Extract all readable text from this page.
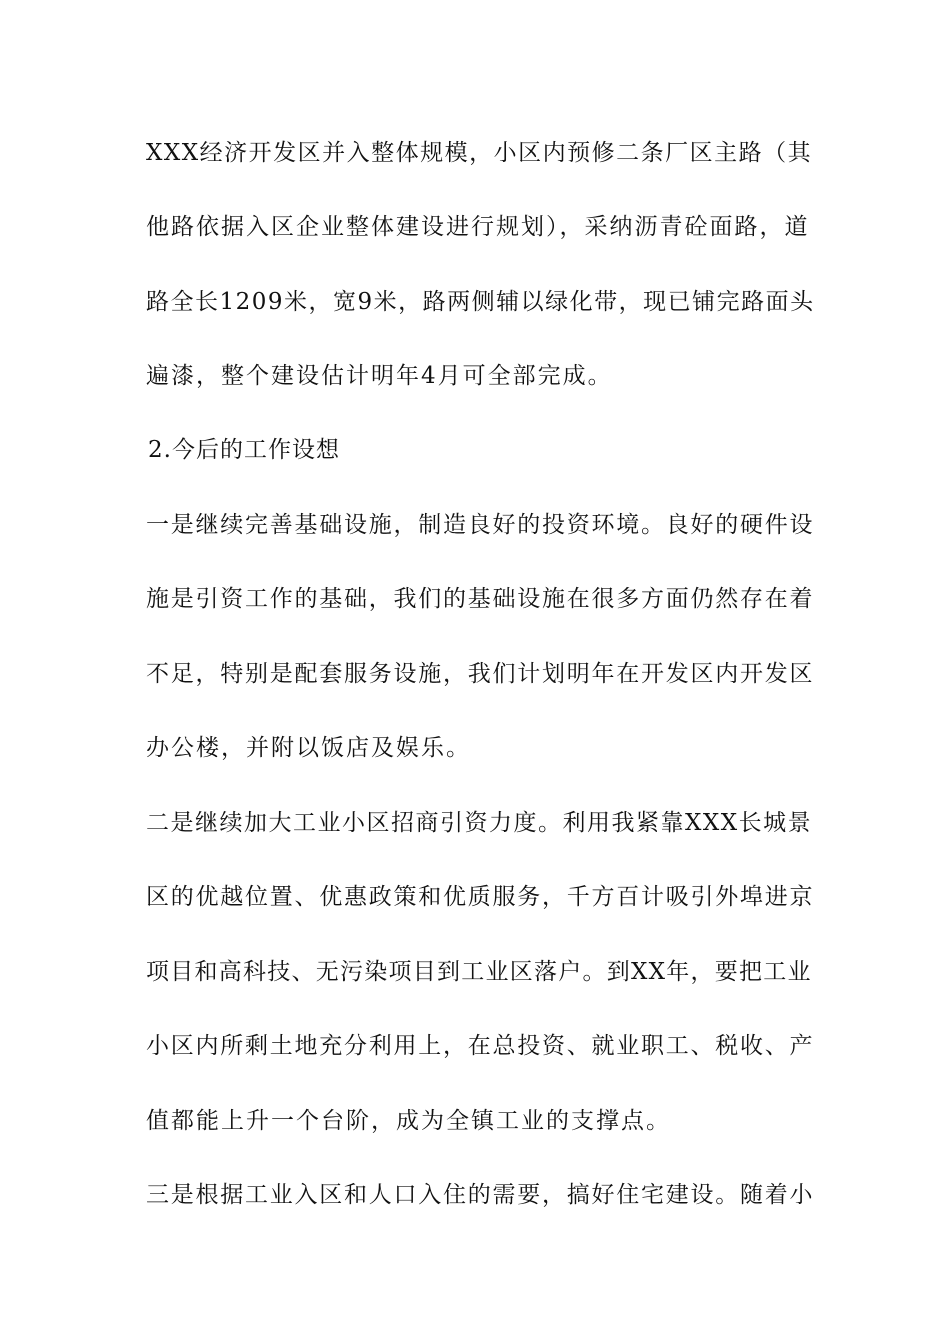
XXX经济开发区并入整体规模，小区内预修二条厂区主路（其
他路依据入区企业整体建设进行规划），采纳沥青砼面路，道
路全长1209米，宽9米，路两侧辅以绿化带，现已铺完路面头
遍漆，整个建设估计明年4月可全部完成。
2.今后的工作设想
一是继续完善基础设施，制造良好的投资环境。良好的硬件设
施是引资工作的基础，我们的基础设施在很多方面仍然存在着
不足，特别是配套服务设施，我们计划明年在开发区内开发区
办公楼，并附以饭店及娱乐。
二是继续加大工业小区招商引资力度。利用我紧靠XXX长城景
区的优越位置、优惠政策和优质服务，千方百计吸引外埠进京
项目和高科技、无污染项目到工业区落户。到XX年，要把工业
小区内所剩土地充分利用上，在总投资、就业职工、税收、产
值都能上升一个台阶，成为全镇工业的支撑点。
三是根据工业入区和人口入住的需要，搞好住宅建设。随着小
